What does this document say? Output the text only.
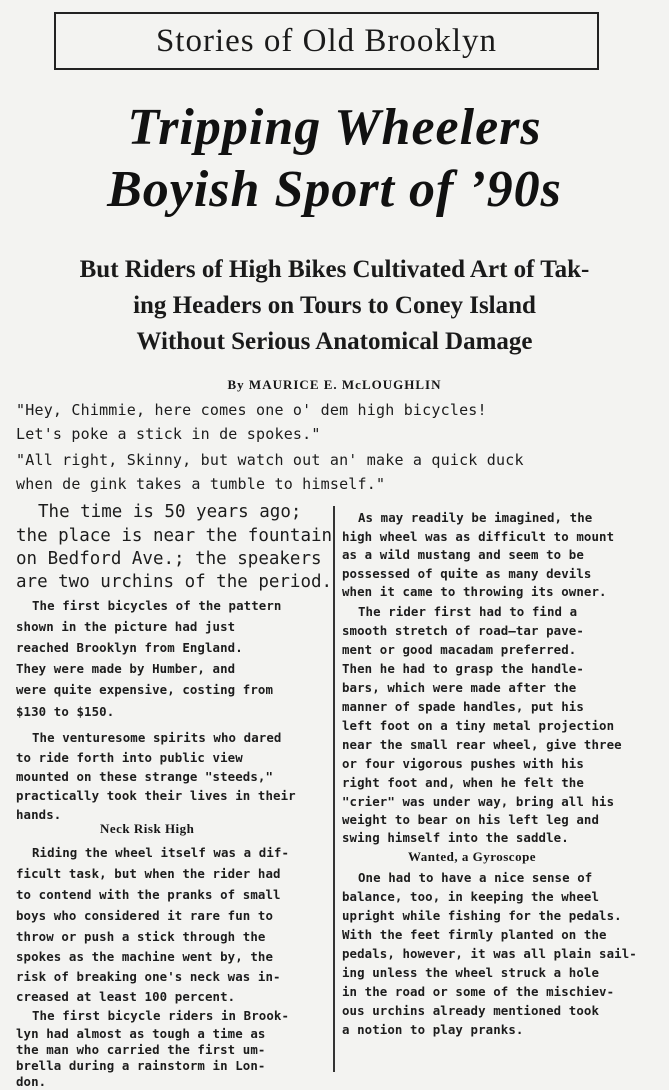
Stories of Old Brooklyn
Tripping Wheelers
Boyish Sport of ’90s
But Riders of High Bikes Cultivated Art of Tak-
ing Headers on Tours to Coney Island
Without Serious Anatomical Damage
By MAURICE E. McLOUGHLIN
"Hey, Chimmie, here comes one o' dem high bicycles!
Let's poke a stick in de spokes."
"All right, Skinny, but watch out an' make a quick duck
when de gink takes a tumble to himself."
The time is 50 years ago;
the place is near the fountain
on Bedford Ave.; the speakers
are two urchins of the period.
The first bicycles of the pattern
shown in the picture had just
reached Brooklyn from England.
They were made by Humber, and
were quite expensive, costing from
$130 to $150.
The venturesome spirits who dared
to ride forth into public view
mounted on these strange "steeds,"
practically took their lives in their
hands.
Neck Risk High
Riding the wheel itself was a dif-
ficult task, but when the rider had
to contend with the pranks of small
boys who considered it rare fun to
throw or push a stick through the
spokes as the machine went by, the
risk of breaking one's neck was in-
creased at least 100 percent.
The first bicycle riders in Brook-
lyn had almost as tough a time as
the man who carried the first um-
brella during a rainstorm in Lon-
don.
As may readily be imagined, the
high wheel was as difficult to mount
as a wild mustang and seem to be
possessed of quite as many devils
when it came to throwing its owner.
The rider first had to find a
smooth stretch of road—tar pave-
ment or good macadam preferred.
Then he had to grasp the handle-
bars, which were made after the
manner of spade handles, put his
left foot on a tiny metal projection
near the small rear wheel, give three
or four vigorous pushes with his
right foot and, when he felt the
"crier" was under way, bring all his
weight to bear on his left leg and
swing himself into the saddle.
Wanted, a Gyroscope
One had to have a nice sense of
balance, too, in keeping the wheel
upright while fishing for the pedals.
With the feet firmly planted on the
pedals, however, it was all plain sail-
ing unless the wheel struck a hole
in the road or some of the mischiev-
ous urchins already mentioned took
a notion to play pranks.
